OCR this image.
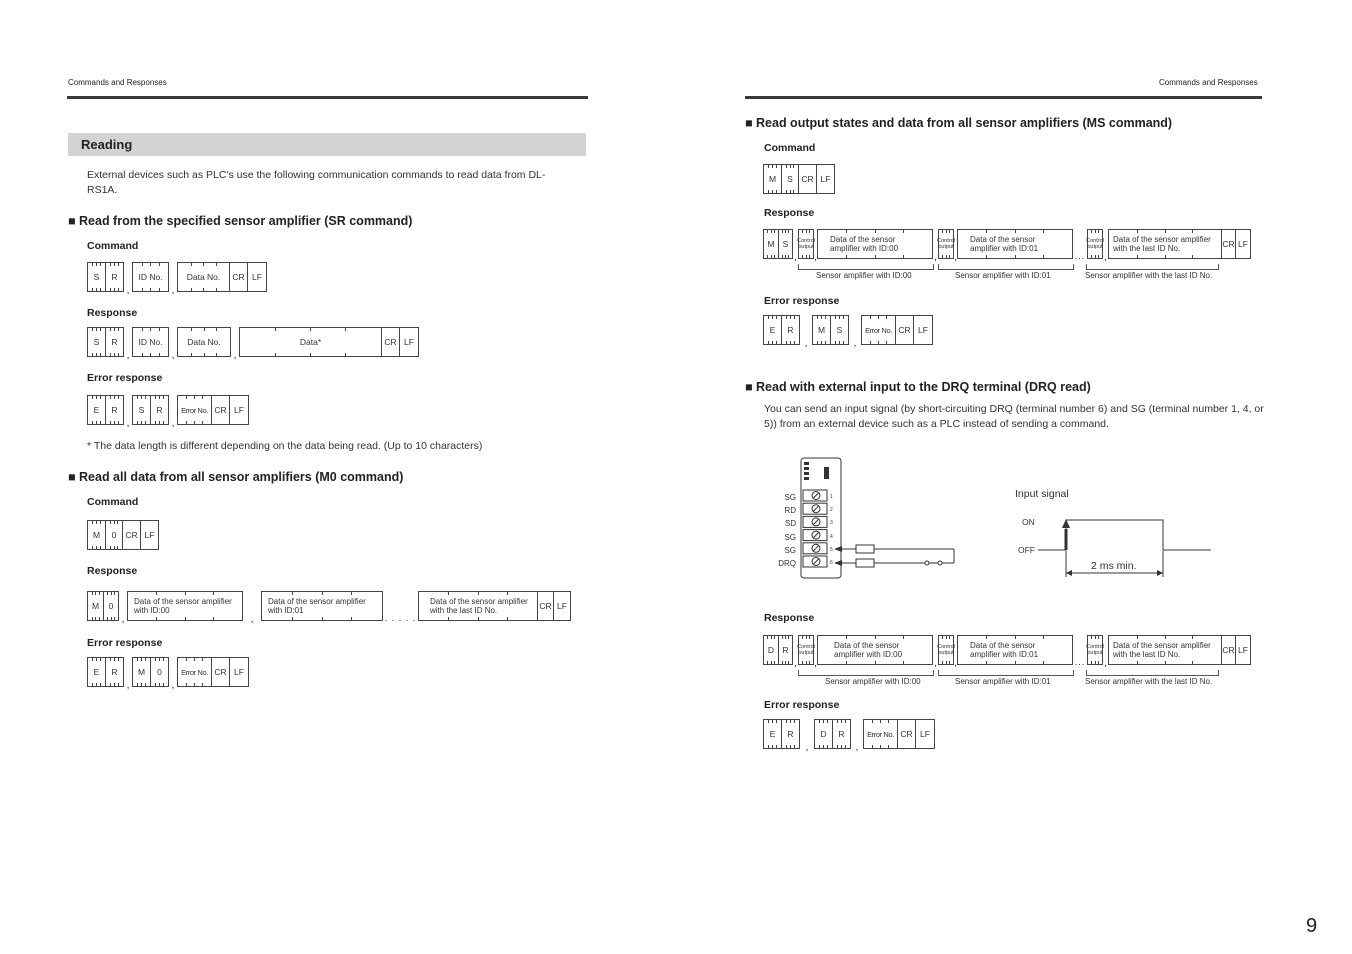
Commands and Responses
Reading
External devices such as PLC's use the following communication commands to read data from DL-RS1A.
■ Read from the specified sensor amplifier (SR command)
Command
S	R
,
ID No.
,
Data No.	CR LF
Response
S	R
,
ID No.
,
Data No.
,
Data*	CR LF
Error response
E	R
,
S	R
,
Error No. CR LF
* The data length is different depending on the data being read. (Up to 10 characters)
■ Read all data from all sensor amplifiers (M0 command)
Command
M	0	CR LF
Response
M	0
,
Data of the sensor amplifier with ID:00
,
Data of the sensor amplifier with ID:01
. . . . .
Data of the sensor amplifier with the last ID No.	CR LF
Error response
E	R
,
M	0
,
Error No. CR LF
Commands and Responses
■ Read output states and data from all sensor amplifiers (MS command)
Command
M	S	CR LF
Response
M S
,
Control output
,
Data of the sensor amplifier with ID:00
,
Control output
,
Data of the sensor amplifier with ID:01
...
Control output
,
Data of the sensor amplifier with the last ID No.	CR LF
Sensor amplifier with ID:00	Sensor amplifier with ID:01	Sensor amplifier with the last ID No.
Error response
E	R
,
M	S
,
Error No. CR LF
■ Read with external input to the DRQ terminal (DRQ read)
You can send an input signal (by short-circuiting DRQ (terminal number 6) and SG (terminal number 1, 4, or 5)) from an external device such as a PLC instead of sending a command.
SG
RD
SD
SG
SG
DRQ
1
2
3
4
5
6
Input signal
ON
OFF
2 ms min.
Response
D R
,
Control output
,
Data of the sensor amplifier with ID:00
,
Control output
,
Data of the sensor amplifier with ID:01
...
Control output
,
Data of the sensor amplifier with the last ID No.	CR LF
Sensor amplifier with ID:00	Sensor amplifier with ID:01	Sensor amplifier with the last ID No.
Error response
E	R
,
D	R
,
Error No. CR LF
9
